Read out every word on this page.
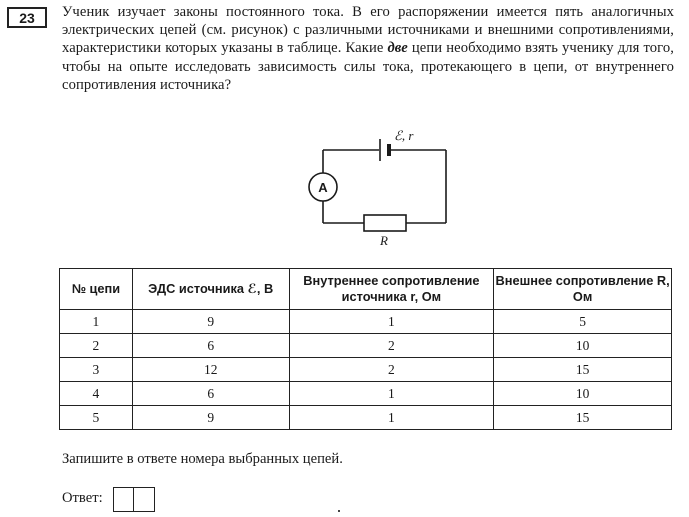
23	Ученик изучает законы постоянного тока. В его распоряжении имеется пять аналогичных электрических цепей (см. рисунок) с различными источниками и внешними сопротивлениями, характеристики которых указаны в таблице. Какие две цепи необходимо взять ученику для того, чтобы на опыте исследовать зависимость силы тока, протекающего в цепи, от внутреннего сопротивления источника?
A
ℰ, r
R
№ цепи	ЭДС источника ℰ, В	Внутреннее сопротивление источника r, Ом	Внешнее сопротивление R, Ом
1	9	1	5
2	6	2	10
3	12	2	15
4	6	1	10
5	9	1	15
Запишите в ответе номера выбранных цепей.
Ответ:
